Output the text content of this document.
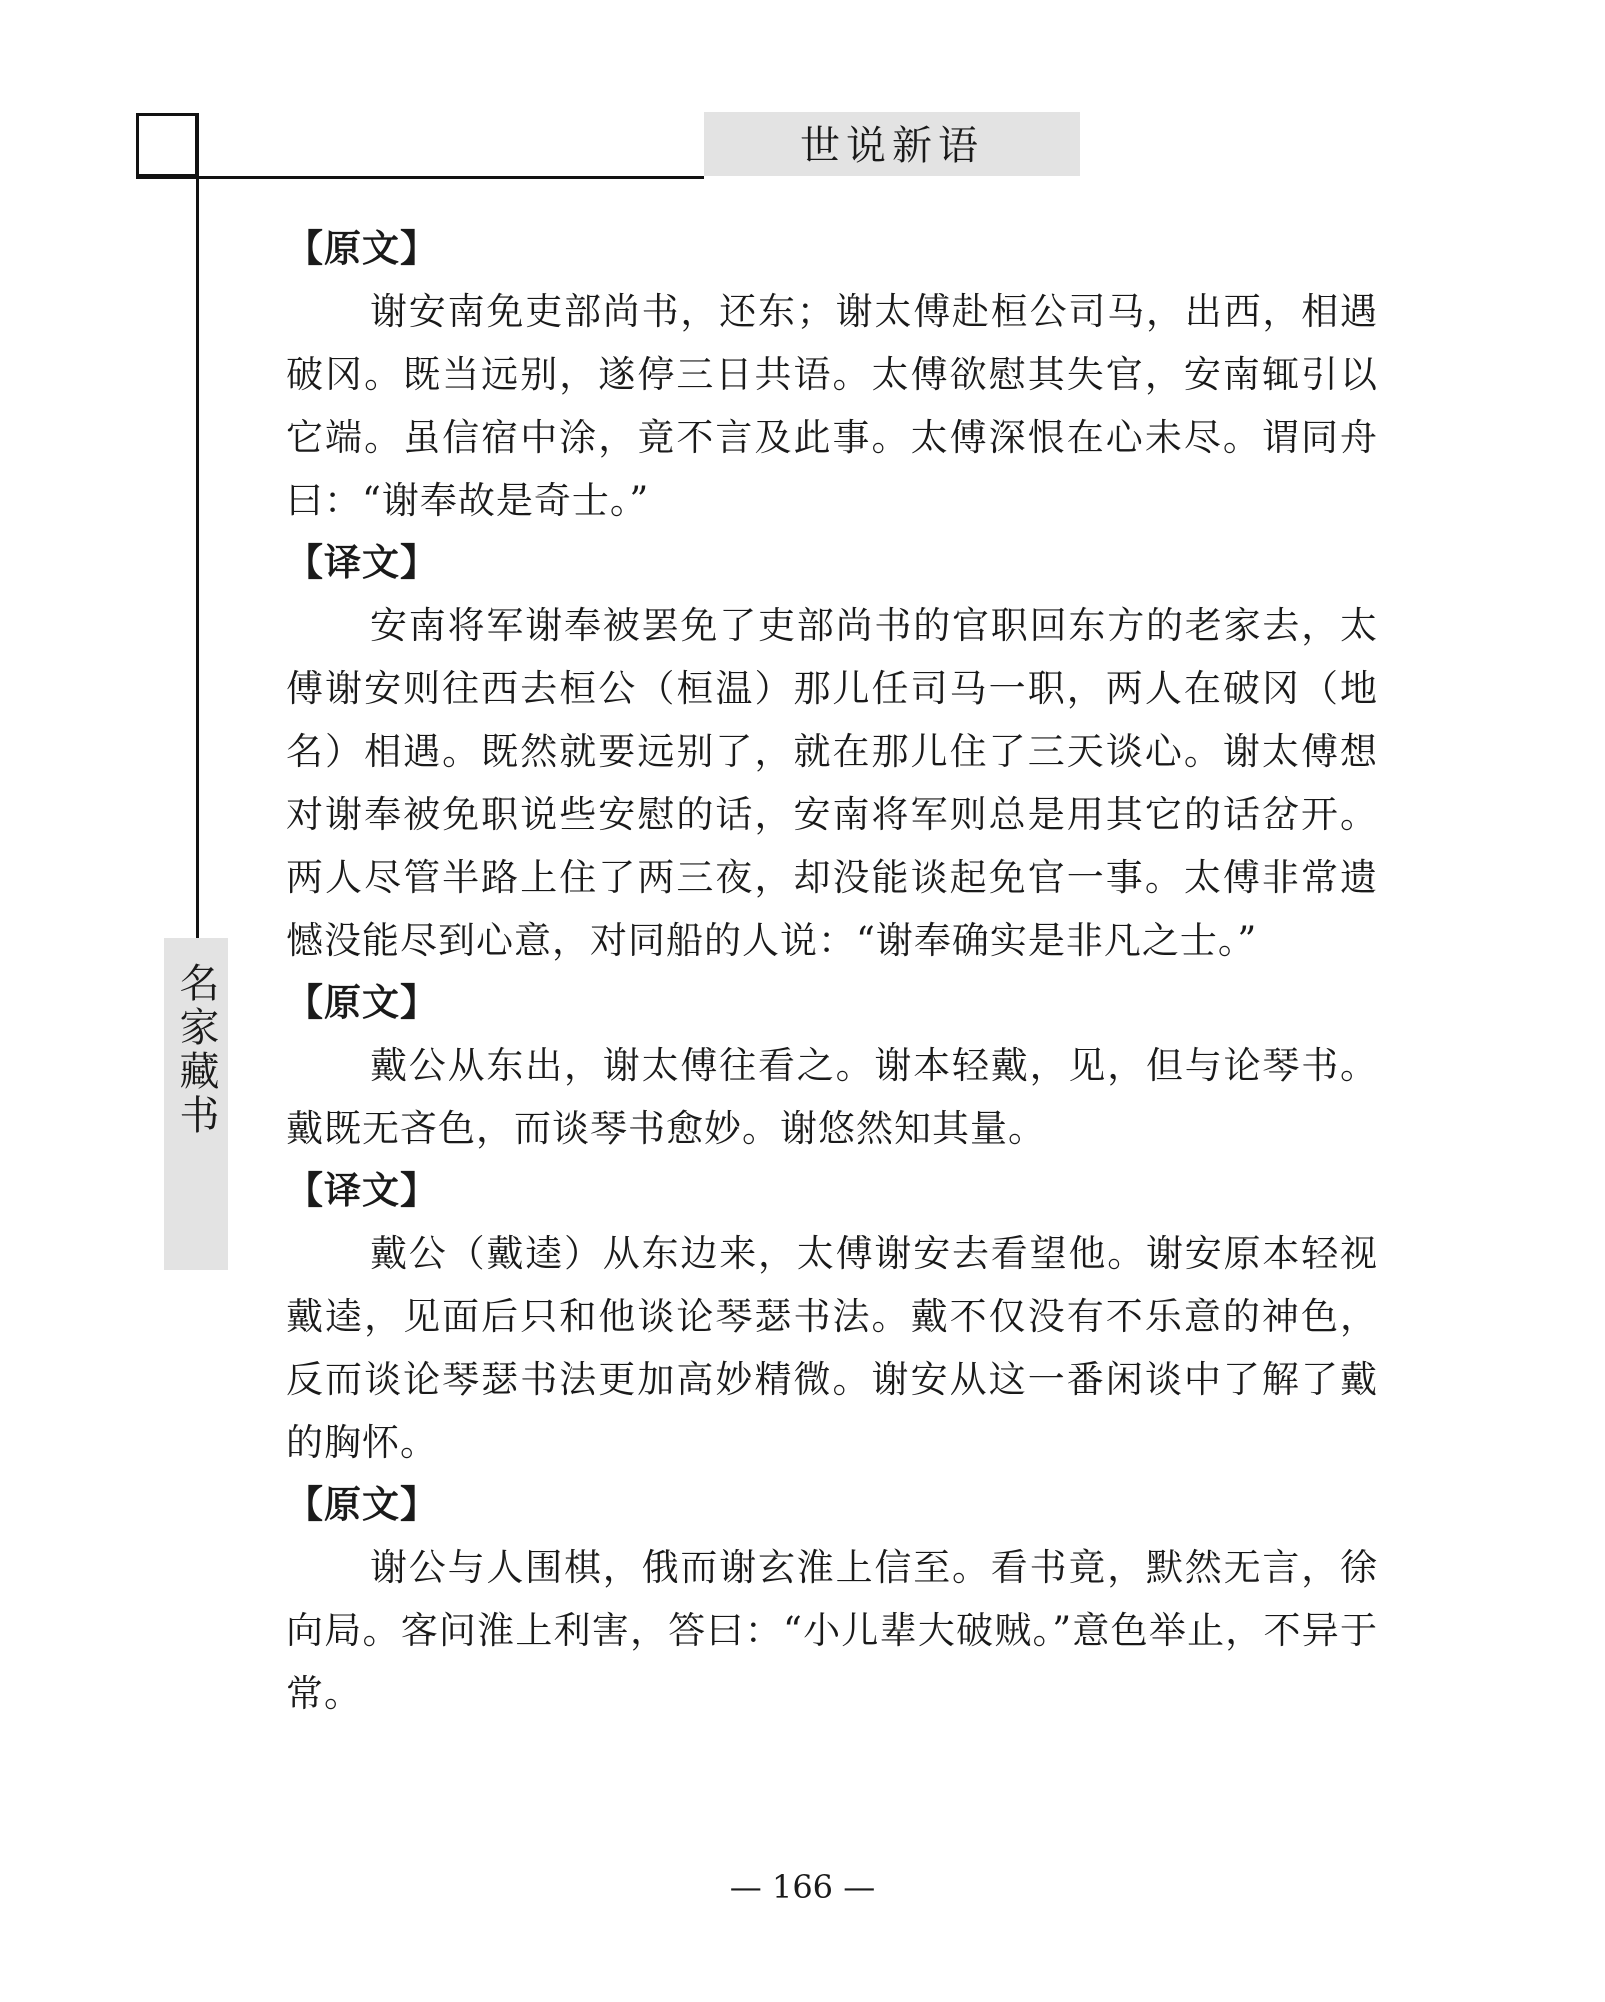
世说新语
名家藏书

【原文】

谢安南免吏部尚书，还东；谢太傅赴桓公司马，出西，相遇破冈。既当远别，遂停三日共语。太傅欲慰其失官，安南辄引以它端。虽信宿中涂，竟不言及此事。太傅深恨在心未尽。谓同舟曰：“谢奉故是奇士。”

【译文】

安南将军谢奉被罢免了吏部尚书的官职回东方的老家去，太傅谢安则往西去桓公（桓温）那儿任司马一职，两人在破冈（地名）相遇。既然就要远别了，就在那儿住了三天谈心。谢太傅想对谢奉被免职说些安慰的话，安南将军则总是用其它的话岔开。两人尽管半路上住了两三夜，却没能谈起免官一事。太傅非常遗憾没能尽到心意，对同船的人说：“谢奉确实是非凡之士。”

【原文】

戴公从东出，谢太傅往看之。谢本轻戴，见，但与论琴书。戴既无吝色，而谈琴书愈妙。谢悠然知其量。

【译文】

戴公（戴逵）从东边来，太傅谢安去看望他。谢安原本轻视戴逵，见面后只和他谈论琴瑟书法。戴不仅没有不乐意的神色，反而谈论琴瑟书法更加高妙精微。谢安从这一番闲谈中了解了戴的胸怀。

【原文】

谢公与人围棋，俄而谢玄淮上信至。看书竟，默然无言，徐向局。客问淮上利害，答曰：“小儿辈大破贼。”意色举止，不异于常。

— 166 —
